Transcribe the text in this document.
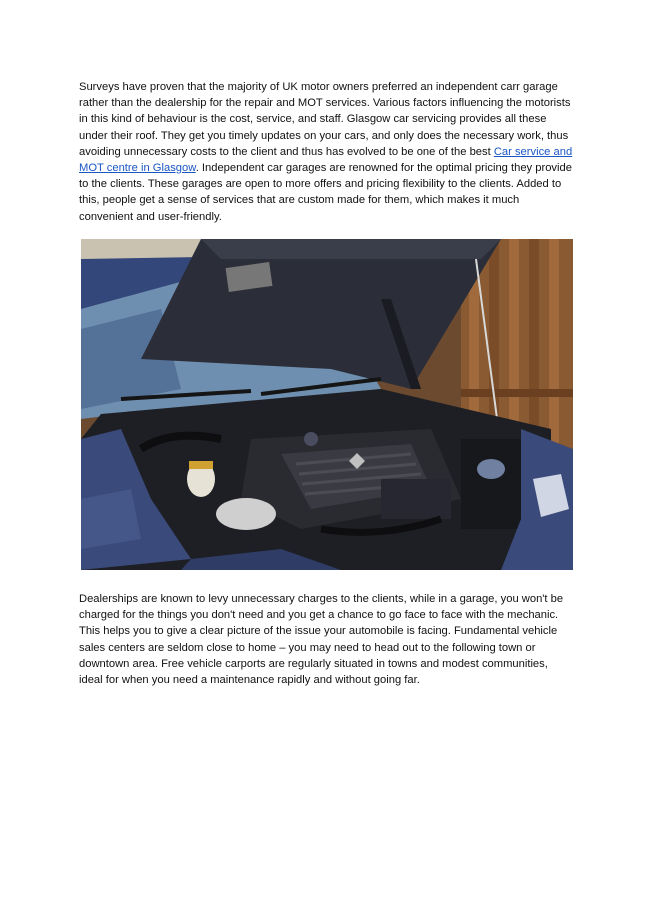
Surveys have proven that the majority of UK motor owners preferred an independent carr garage rather than the dealership for the repair and MOT services. Various factors influencing the motorists in this kind of behaviour is the cost, service, and staff. Glasgow car servicing provides all these under their roof. They get you timely updates on your cars, and only does the necessary work, thus avoiding unnecessary costs to the client and thus has evolved to be one of the best Car service and MOT centre in Glasgow. Independent car garages are renowned for the optimal pricing they provide to the clients. These garages are open to more offers and pricing flexibility to the clients. Added to this, people get a sense of services that are custom made for them, which makes it much convenient and user-friendly.

Dealerships are known to levy unnecessary charges to the clients, while in a garage, you won't be charged for the things you don't need and you get a chance to go face to face with the mechanic. This helps you to give a clear picture of the issue your automobile is facing. Fundamental vehicle sales centers are seldom close to home – you may need to head out to the following town or downtown area. Free vehicle carports are regularly situated in towns and modest communities, ideal for when you need a maintenance rapidly and without going far.
